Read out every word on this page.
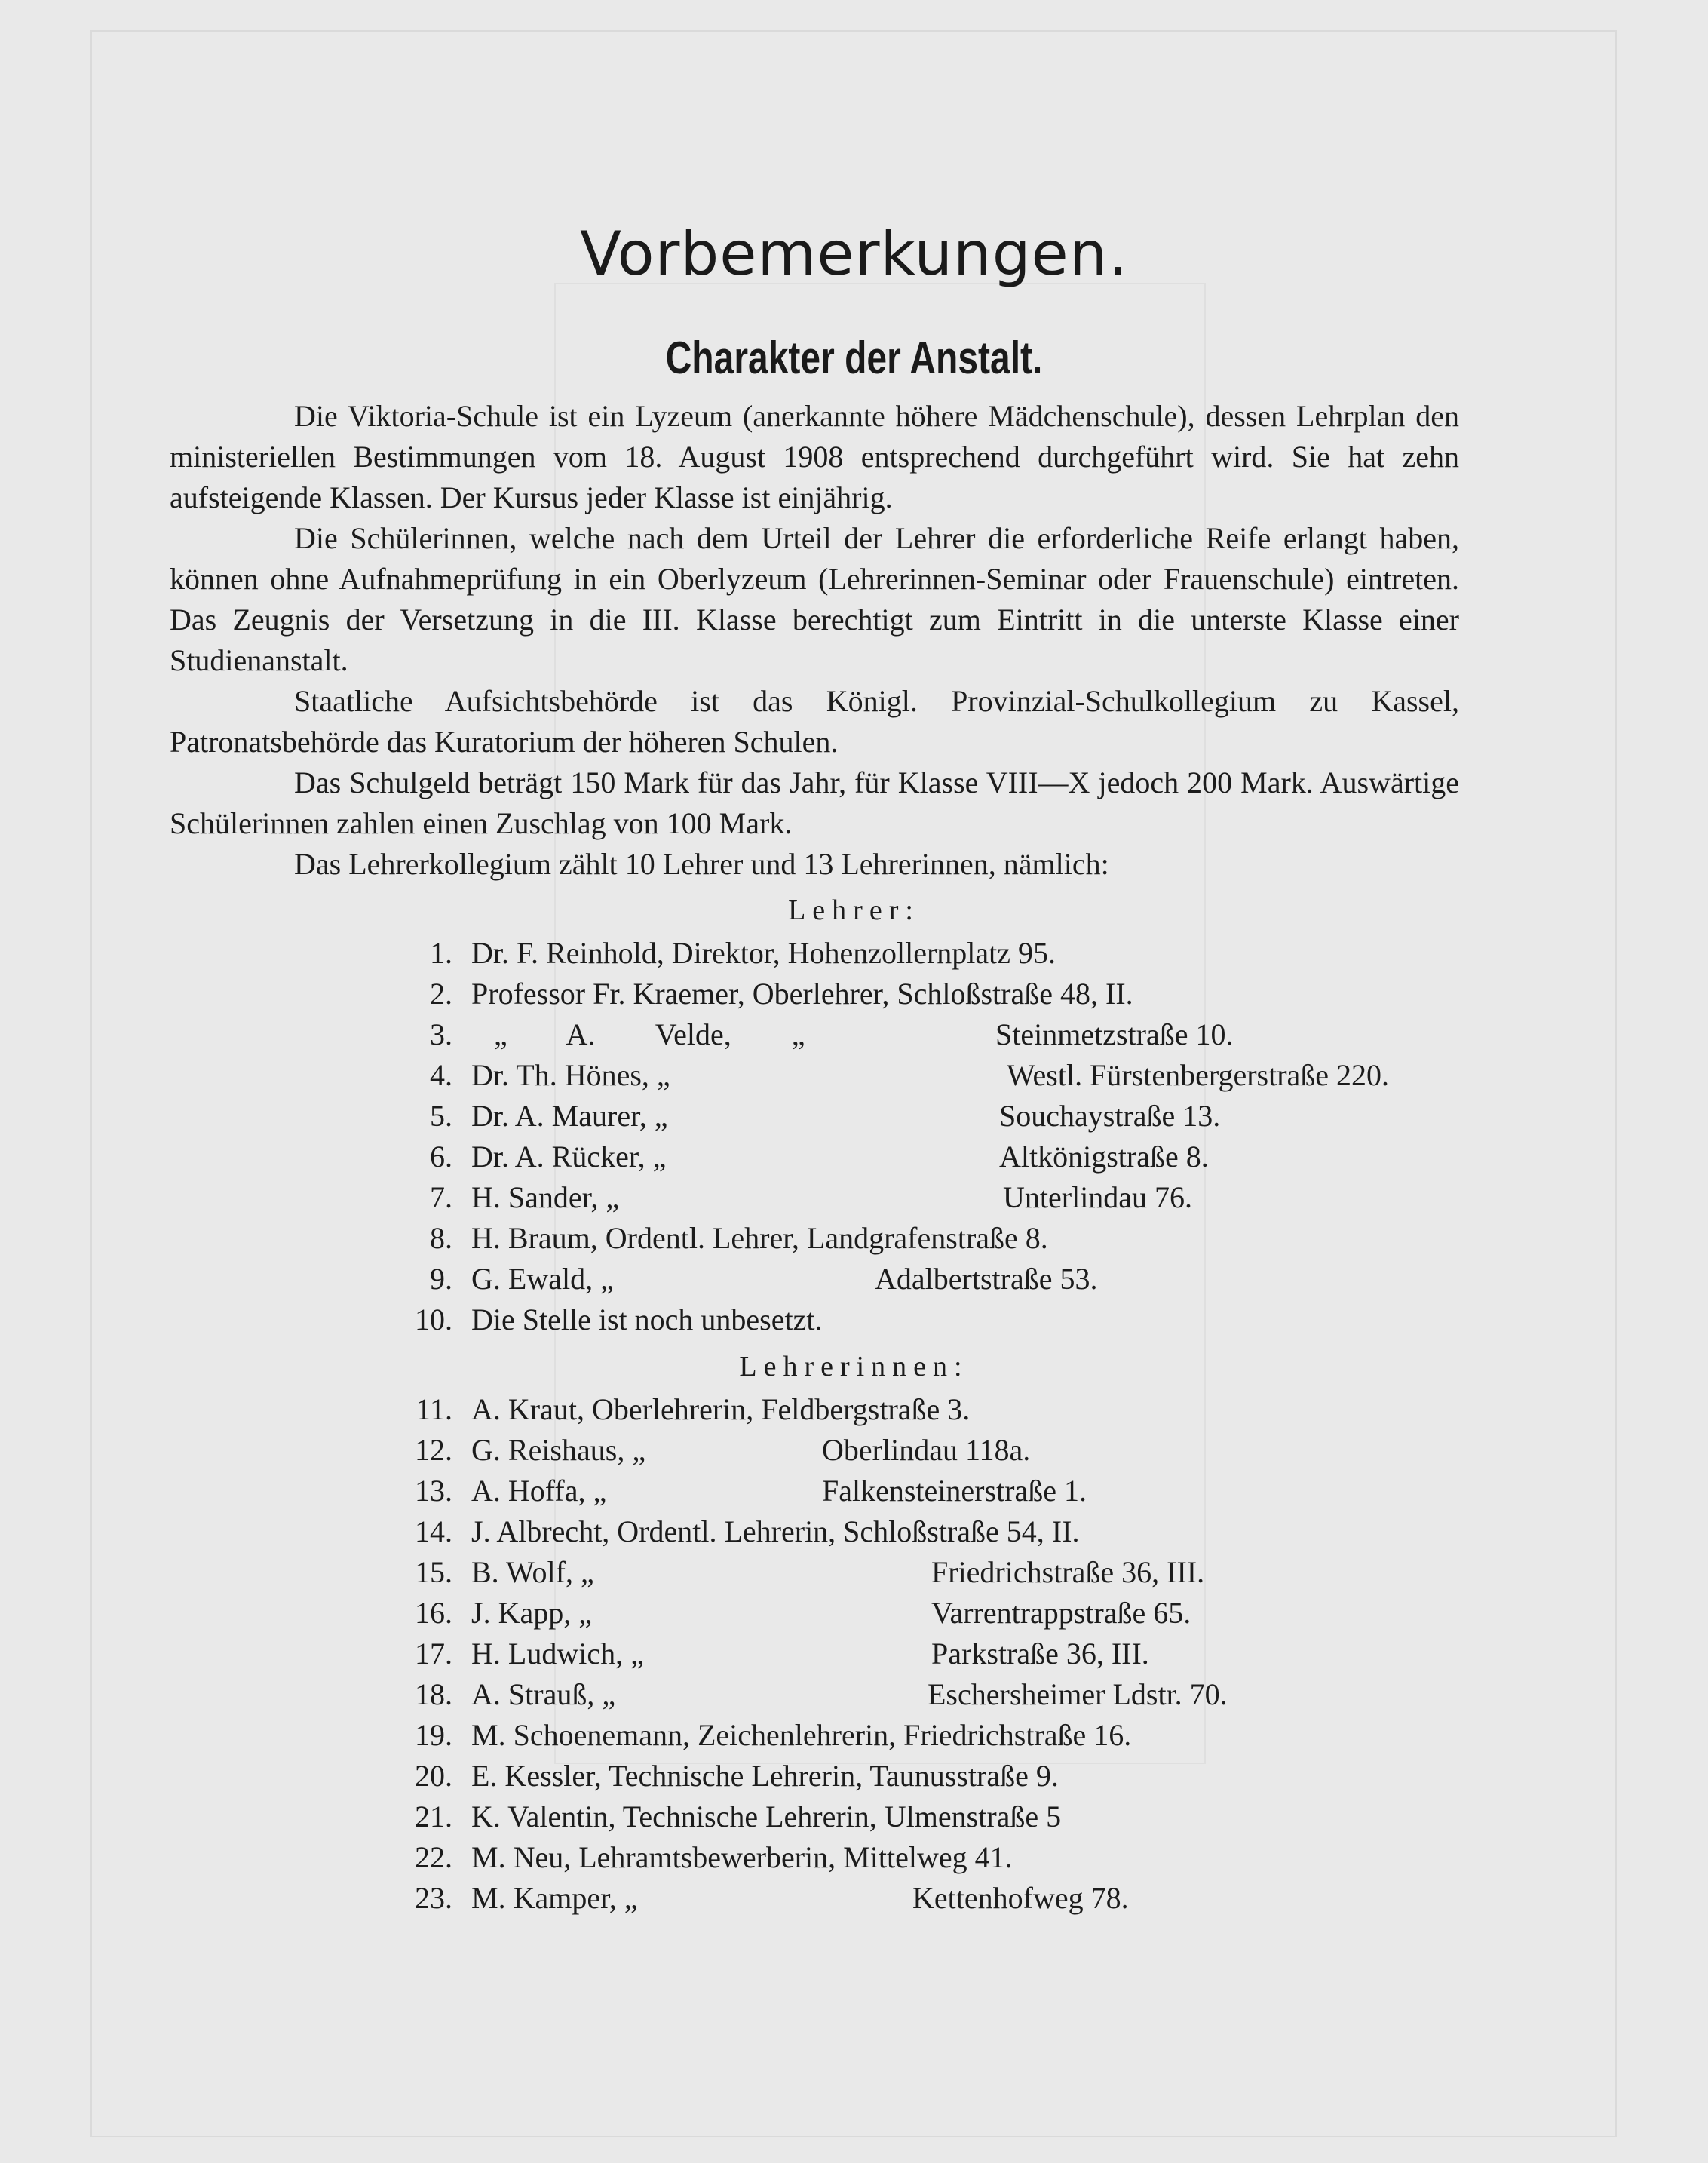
Vorbemerkungen.
Charakter der Anstalt.

Die Viktoria-Schule ist ein Lyzeum (anerkannte höhere Mädchenschule), dessen Lehrplan den ministeriellen Bestimmungen vom 18. August 1908 entsprechend durchgeführt wird. Sie hat zehn aufsteigende Klassen. Der Kursus jeder Klasse ist einjährig.

Die Schülerinnen, welche nach dem Urteil der Lehrer die erforderliche Reife erlangt haben, können ohne Aufnahmeprüfung in ein Oberlyzeum (Lehrerinnen-Seminar oder Frauenschule) eintreten. Das Zeugnis der Versetzung in die III. Klasse berechtigt zum Eintritt in die unterste Klasse einer Studienanstalt.

Staatliche Aufsichtsbehörde ist das Königl. Provinzial-Schulkollegium zu Kassel, Patronatsbehörde das Kuratorium der höheren Schulen.

Das Schulgeld beträgt 150 Mark für das Jahr, für Klasse VIII—X jedoch 200 Mark. Auswärtige Schülerinnen zahlen einen Zuschlag von 100 Mark.

Das Lehrerkollegium zählt 10 Lehrer und 13 Lehrerinnen, nämlich:

Lehrer:
1. Dr. F. Reinhold, Direktor, Hohenzollernplatz 95.
2. Professor Fr. Kraemer, Oberlehrer, Schloßstraße 48, II.
3. „ A. Velde, „	Steinmetzstraße 10.
4. Dr. Th. Hönes, „	Westl. Fürstenbergerstraße 220.
5. Dr. A. Maurer, „	Souchaystraße 13.
6. Dr. A. Rücker, „	Altkönigstraße 8.
7. H. Sander, „	Unterlindau 76.
8. H. Braum, Ordentl. Lehrer, Landgrafenstraße 8.
9. G. Ewald, „	Adalbertstraße 53.
10. Die Stelle ist noch unbesetzt.
Lehrerinnen:
11. A. Kraut, Oberlehrerin, Feldbergstraße 3.
12. G. Reishaus, „	Oberlindau 118a.
13. A. Hoffa, „	Falkensteinerstraße 1.
14. J. Albrecht, Ordentl. Lehrerin, Schloßstraße 54, II.
15. B. Wolf, „	Friedrichstraße 36, III.
16. J. Kapp, „	Varrentrappstraße 65.
17. H. Ludwich, „	Parkstraße 36, III.
18. A. Strauß, „	Eschersheimer Ldstr. 70.
19. M. Schoenemann, Zeichenlehrerin, Friedrichstraße 16.
20. E. Kessler, Technische Lehrerin, Taunusstraße 9.
21. K. Valentin, Technische Lehrerin, Ulmenstraße 5
22. M. Neu, Lehramtsbewerberin, Mittelweg 41.
23. M. Kamper, „	Kettenhofweg 78.
